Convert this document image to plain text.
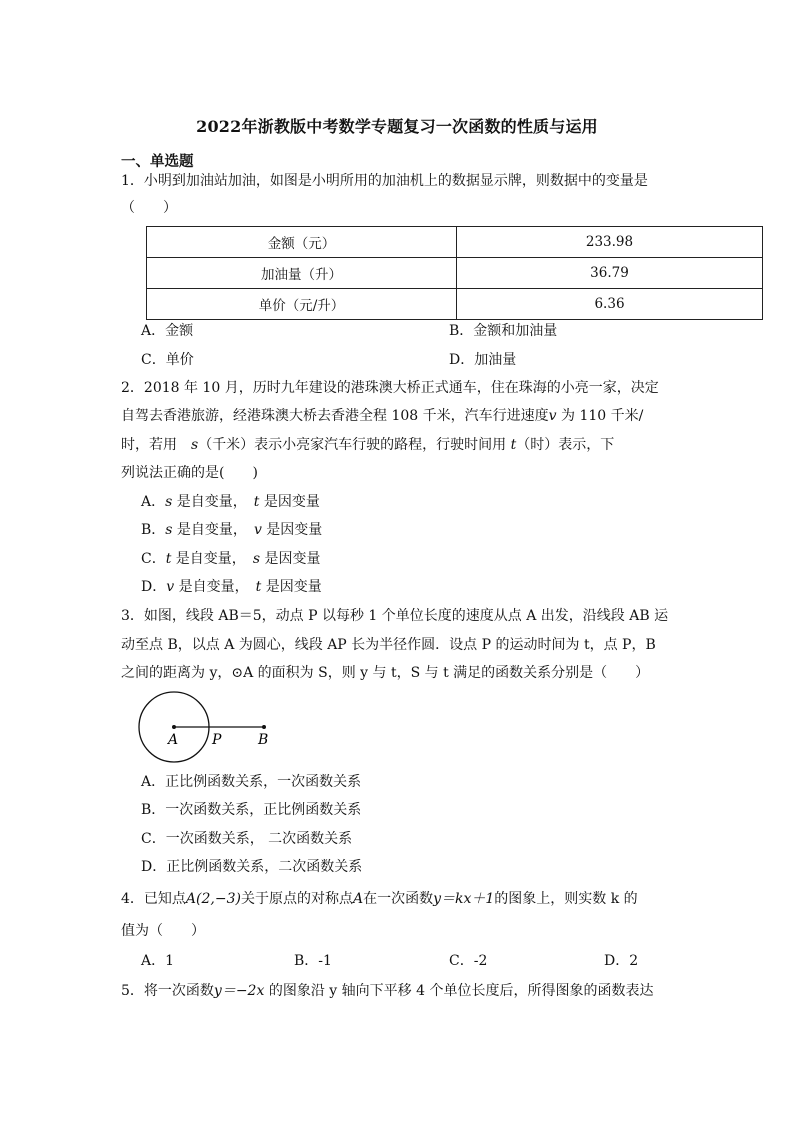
2022年浙教版中考数学专题复习一次函数的性质与运用
一、单选题
1．小明到加油站加油，如图是小明所用的加油机上的数据显示牌，则数据中的变量是
（　　）
金额（元）	233.98
加油量（升）	36.79
单价（元/升）	6.36
A．金额	B．金额和加油量
C．单价	D．加油量
2．2018 年 10 月，历时九年建设的港珠澳大桥正式通车，住在珠海的小亮一家，决定
自驾去香港旅游，经港珠澳大桥去香港全程 108 千米，汽车行进速度v 为 110 千米/
时，若用　s（千米）表示小亮家汽车行驶的路程，行驶时间用 t（时）表示，下
列说法正确的是(　　)
A．s 是自变量，　t 是因变量
B．s 是自变量，　v 是因变量
C．t 是自变量，　s 是因变量
D．v 是自变量，　t 是因变量
3．如图，线段 AB＝5，动点 P 以每秒 1 个单位长度的速度从点 A 出发，沿线段 AB 运
动至点 B，以点 A 为圆心，线段 AP 长为半径作圆．设点 P 的运动时间为 t，点 P，B
之间的距离为 y，⊙A 的面积为 S，则 y 与 t，S 与 t 满足的函数关系分别是（　　）
A P	B
A．正比例函数关系，一次函数关系
B．一次函数关系，正比例函数关系
C．一次函数关系， 二次函数关系
D．正比例函数关系，二次函数关系
4．已知点A(2,−3)关于原点的对称点A在一次函数y＝kx＋1的图象上，则实数 k 的
值为（　　）
A．1	B．-1	C．-2	D．2
5．将一次函数y＝−2x 的图象沿 y 轴向下平移 4 个单位长度后，所得图象的函数表达
